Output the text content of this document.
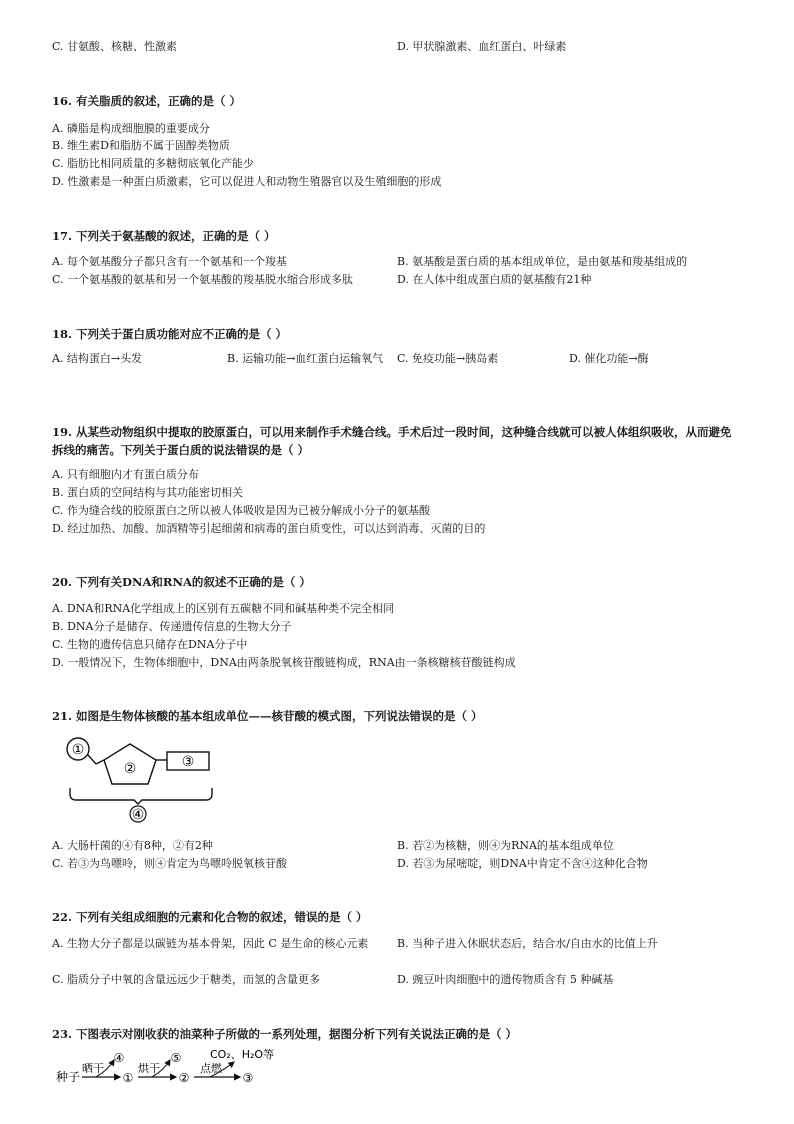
C. 甘氨酸、核糖、性激素	D. 甲状腺激素、血红蛋白、叶绿素
16. 有关脂质的叙述，正确的是（ ）
A. 磷脂是构成细胞膜的重要成分
B. 维生素D和脂肪不属于固醇类物质
C. 脂肪比相同质量的多糖彻底氧化产能少
D. 性激素是一种蛋白质激素，它可以促进人和动物生殖器官以及生殖细胞的形成
17. 下列关于氨基酸的叙述，正确的是（ ）
A. 每个氨基酸分子都只含有一个氨基和一个羧基	B. 氨基酸是蛋白质的基本组成单位，是由氨基和羧基组成的
C. 一个氨基酸的氨基和另一个氨基酸的羧基脱水缩合形成多肽	D. 在人体中组成蛋白质的氨基酸有21种
18. 下列关于蛋白质功能对应不正确的是（ ）
A. 结构蛋白→头发	B. 运输功能→血红蛋白运输氧气	C. 免疫功能→胰岛素	D. 催化功能→酶
19. 从某些动物组织中提取的胶原蛋白，可以用来制作手术缝合线。手术后过一段时间，这种缝合线就可以被人体组织吸收，从而避免拆线的痛苦。下列关于蛋白质的说法错误的是（ ）
A. 只有细胞内才有蛋白质分布
B. 蛋白质的空间结构与其功能密切相关
C. 作为缝合线的胶原蛋白之所以被人体吸收是因为已被分解成小分子的氨基酸
D. 经过加热、加酸、加酒精等引起细菌和病毒的蛋白质变性，可以达到消毒、灭菌的目的
20. 下列有关DNA和RNA的叙述不正确的是（ ）
A. DNA和RNA化学组成上的区别有五碳糖不同和碱基种类不完全相同
B. DNA分子是储存、传递遗传信息的生物大分子
C. 生物的遗传信息只储存在DNA分子中
D. 一般情况下，生物体细胞中，DNA由两条脱氧核苷酸链构成，RNA由一条核糖核苷酸链构成
21. 如图是生物体核酸的基本组成单位——核苷酸的模式图，下列说法错误的是（ ）
①
②	③
④
A. 大肠杆菌的④有8种，②有2种	B. 若②为核糖，则④为RNA的基本组成单位
C. 若③为鸟嘌呤，则④肯定为鸟嘌呤脱氧核苷酸	D. 若③为尿嘧啶，则DNA中肯定不含④这种化合物
22. 下列有关组成细胞的元素和化合物的叙述，错误的是（ ）
A. 生物大分子都是以碳链为基本骨架，因此 C 是生命的核心元素	B. 当种子进入休眠状态后，结合水/自由水的比值上升
C. 脂质分子中氧的含量远远少于糖类，而氢的含量更多	D. 豌豆叶肉细胞中的遗传物质含有 5 种碱基
23. 下图表示对刚收获的油菜种子所做的一系列处理，据图分析下列有关说法正确的是（ ）
种子
晒干
④
①
烘干
⑤
②
点燃
CO₂、H₂O等
③
